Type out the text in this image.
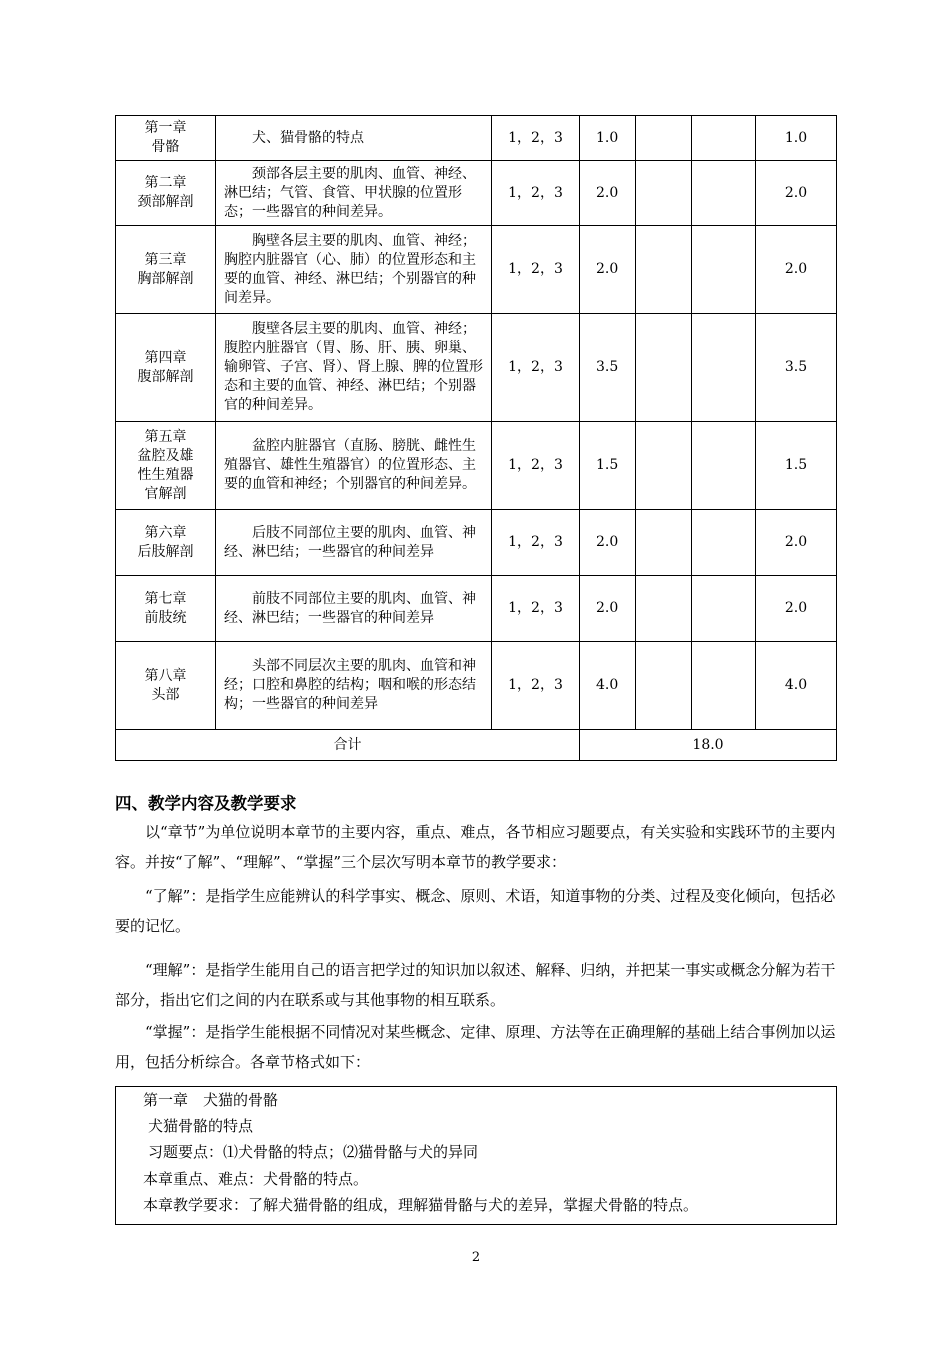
第一章
骨骼	犬、猫骨骼的特点	1，2，3	1.0			1.0

第二章
颈部解剖	颈部各层主要的肌肉、血管、神经、淋巴结；气管、食管、甲状腺的位置形态；一些器官的种间差异。	1，2，3	2.0			2.0

第三章
胸部解剖	胸壁各层主要的肌肉、血管、神经；胸腔内脏器官（心、肺）的位置形态和主要的血管、神经、淋巴结；个别器官的种间差异。	1，2，3	2.0			2.0

第四章
腹部解剖	腹壁各层主要的肌肉、血管、神经；腹腔内脏器官（胃、肠、肝、胰、卵巢、输卵管、子宫、肾）、肾上腺、脾的位置形态和主要的血管、神经、淋巴结；个别器官的种间差异。	1，2，3	3.5			3.5

第五章
盆腔及雄
性生殖器
官解剖	盆腔内脏器官（直肠、膀胱、雌性生殖器官、雄性生殖器官）的位置形态、主要的血管和神经；个别器官的种间差异。	1，2，3	1.5			1.5

第六章
后肢解剖	后肢不同部位主要的肌肉、血管、神经、淋巴结；一些器官的种间差异	1，2，3	2.0			2.0

第七章
前肢统	前肢不同部位主要的肌肉、血管、神经、淋巴结；一些器官的种间差异	1，2，3	2.0			2.0

第八章
头部	头部不同层次主要的肌肉、血管和神经；口腔和鼻腔的结构；咽和喉的形态结构；一些器官的种间差异	1，2，3	4.0			4.0
合计			18.0			
四、教学内容及教学要求

以“章节”为单位说明本章节的主要内容，重点、难点，各节相应习题要点，有关实验和实践环节的主要内容。并按“了解”、“理解”、“掌握”三个层次写明本章节的教学要求：

“了解”：是指学生应能辨认的科学事实、概念、原则、术语，知道事物的分类、过程及变化倾向，包括必要的记忆。

“理解”：是指学生能用自己的语言把学过的知识加以叙述、解释、归纳，并把某一事实或概念分解为若干部分，指出它们之间的内在联系或与其他事物的相互联系。

“掌握”：是指学生能根据不同情况对某些概念、定律、原理、方法等在正确理解的基础上结合事例加以运用，包括分析综合。各章节格式如下：

第一章　犬猫的骨骼
犬猫骨骼的特点
习题要点：⑴犬骨骼的特点；⑵猫骨骼与犬的异同
本章重点、难点：犬骨骼的特点。
本章教学要求：了解犬猫骨骼的组成，理解猫骨骼与犬的差异，掌握犬骨骼的特点。
2
